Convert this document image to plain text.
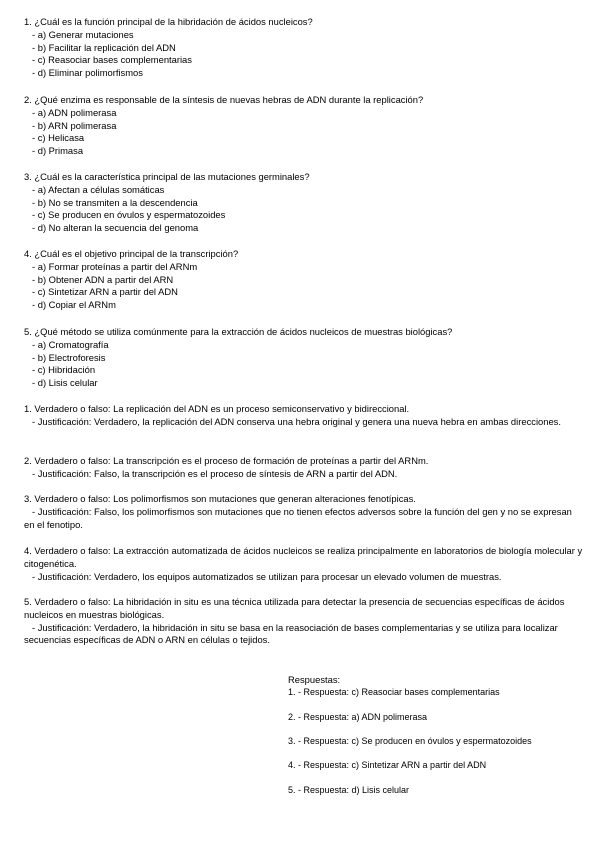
1. ¿Cuál es la función principal de la hibridación de ácidos nucleicos?
- a) Generar mutaciones
- b) Facilitar la replicación del ADN
- c) Reasociar bases complementarias
- d) Eliminar polimorfismos
2. ¿Qué enzima es responsable de la síntesis de nuevas hebras de ADN durante la replicación?
- a) ADN polimerasa
- b) ARN polimerasa
- c) Helicasa
- d) Primasa
3. ¿Cuál es la característica principal de las mutaciones germinales?
- a) Afectan a células somáticas
- b) No se transmiten a la descendencia
- c) Se producen en óvulos y espermatozoides
- d) No alteran la secuencia del genoma
4. ¿Cuál es el objetivo principal de la transcripción?
- a) Formar proteínas a partir del ARNm
- b) Obtener ADN a partir del ARN
- c) Sintetizar ARN a partir del ADN
- d) Copiar el ARNm
5. ¿Qué método se utiliza comúnmente para la extracción de ácidos nucleicos de muestras biológicas?
- a) Cromatografía
- b) Electroforesis
- c) Hibridación
- d) Lisis celular

1. Verdadero o falso: La replicación del ADN es un proceso semiconservativo y bidireccional.

- Justificación: Verdadero, la replicación del ADN conserva una hebra original y genera una nueva hebra en ambas direcciones.

2. Verdadero o falso: La transcripción es el proceso de formación de proteínas a partir del ARNm.

- Justificación: Falso, la transcripción es el proceso de síntesis de ARN a partir del ADN.

3. Verdadero o falso: Los polimorfismos son mutaciones que generan alteraciones fenotípicas.

- Justificación: Falso, los polimorfismos son mutaciones que no tienen efectos adversos sobre la función del gen y no se expresan en el fenotipo.

4. Verdadero o falso: La extracción automatizada de ácidos nucleicos se realiza principalmente en laboratorios de biología molecular y citogenética.

- Justificación: Verdadero, los equipos automatizados se utilizan para procesar un elevado volumen de muestras.

5. Verdadero o falso: La hibridación in situ es una técnica utilizada para detectar la presencia de secuencias específicas de ácidos nucleicos en muestras biológicas.

- Justificación: Verdadero, la hibridación in situ se basa en la reasociación de bases complementarias y se utiliza para localizar secuencias específicas de ADN o ARN en células o tejidos.

Respuestas:
1. - Respuesta: c) Reasociar bases complementarias
2. - Respuesta: a) ADN polimerasa
3. - Respuesta: c) Se producen en óvulos y espermatozoides
4. - Respuesta: c) Sintetizar ARN a partir del ADN
5. - Respuesta: d) Lisis celular
